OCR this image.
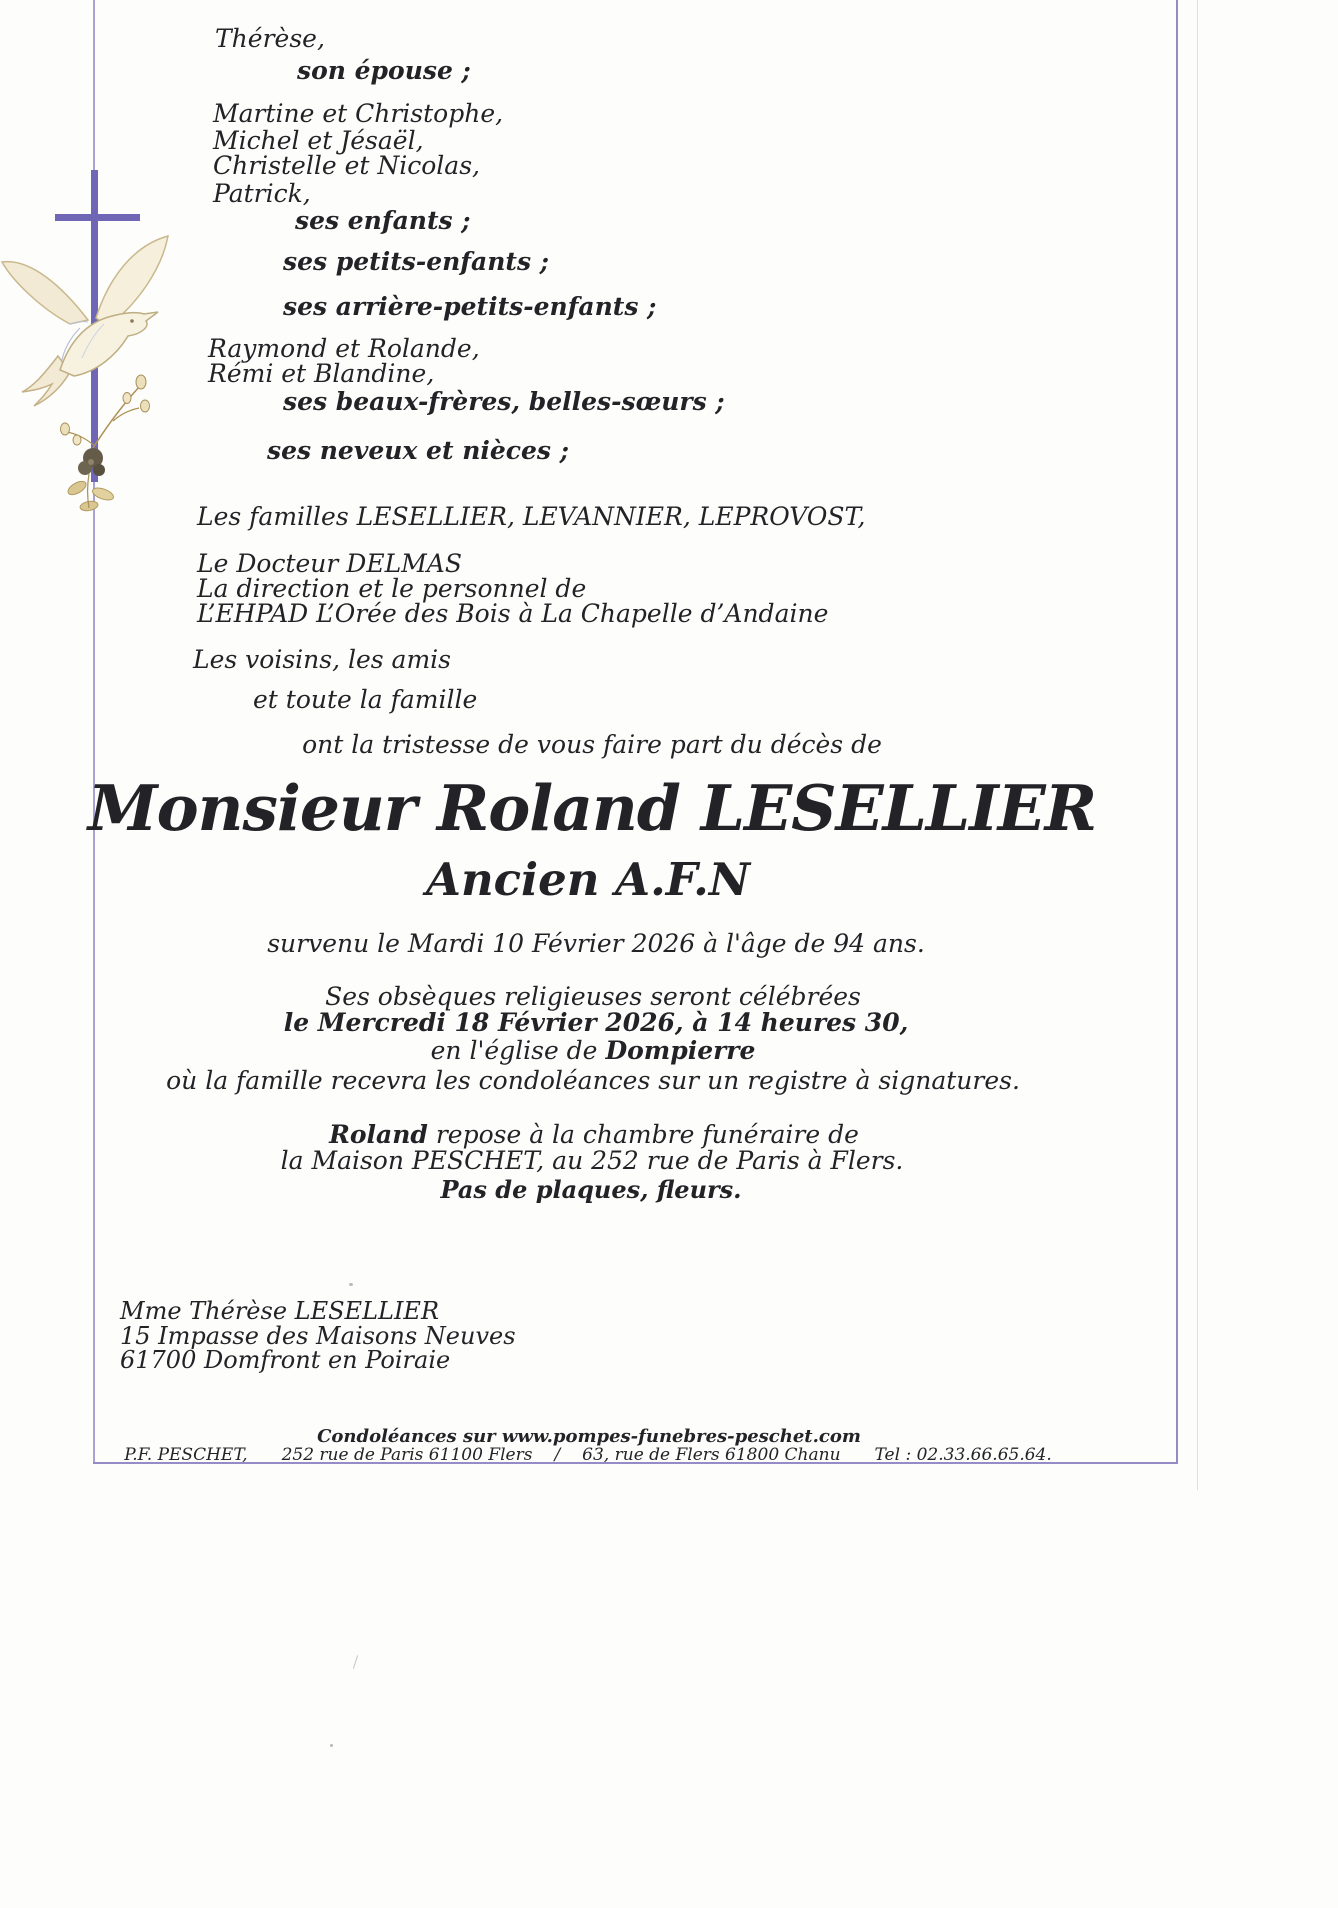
Thérèse,
son épouse ;
Martine et Christophe,
Michel et Jésaël,
Christelle et Nicolas,
Patrick,
ses enfants ;
ses petits-enfants ;
ses arrière-petits-enfants ;
Raymond et Rolande,
Rémi et Blandine,
ses beaux-frères, belles-sœurs ;
ses neveux et nièces ;
Les familles LESELLIER, LEVANNIER, LEPROVOST,
Le Docteur DELMAS
La direction et le personnel de
L’EHPAD L’Orée des Bois à La Chapelle d’Andaine
Les voisins, les amis
et toute la famille
ont la tristesse de vous faire part du décès de
Monsieur Roland LESELLIER
Ancien A.F.N
survenu le Mardi 10 Février 2026 à l'âge de 94 ans.
Ses obsèques religieuses seront célébrées
le Mercredi 18 Février 2026, à 14 heures 30,
en l'église de Dompierre
où la famille recevra les condoléances sur un registre à signatures.
Roland repose à la chambre funéraire de
la Maison PESCHET, au 252 rue de Paris à Flers.
Pas de plaques, fleurs.
Mme Thérèse LESELLIER
15 Impasse des Maisons Neuves
61700 Domfront en Poiraie
Condoléances sur www.pompes-funebres-peschet.com
P.F. PESCHET, 252 rue de Paris 61100 Flers / 63, rue de Flers 61800 Chanu Tel : 02.33.66.65.64.
